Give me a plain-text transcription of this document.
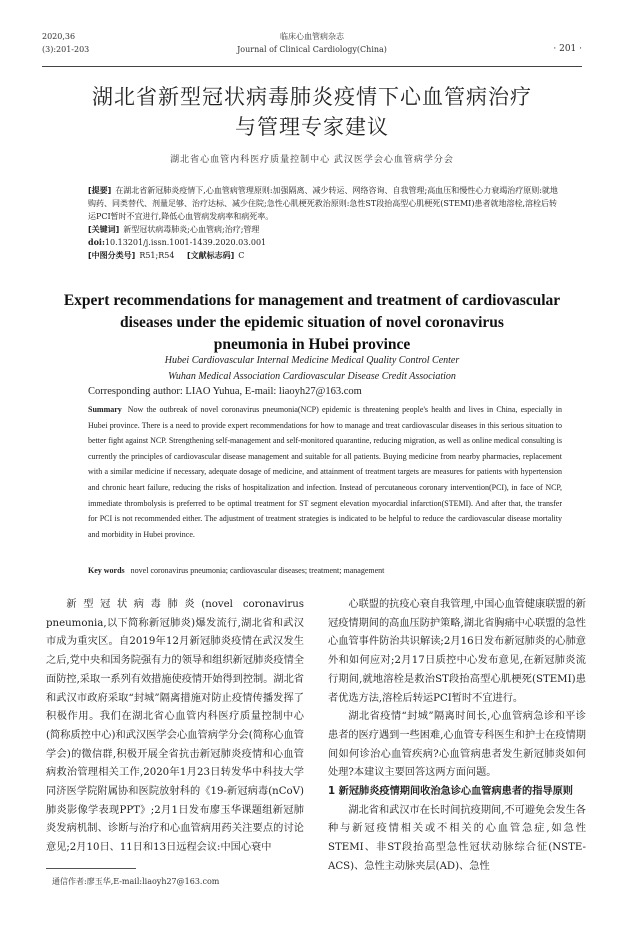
2020,36
(3):201-203
临床心血管病杂志
Journal of Clinical Cardiology(China)	· 201 ·
湖北省新型冠状病毒肺炎疫情下心血管病治疗
与管理专家建议
湖北省心血管内科医疗质量控制中心 武汉医学会心血管病学分会

[提要] 在湖北省新冠肺炎疫情下,心血管病管理原则:加强隔离、减少转运、网络咨询、自我管理;高血压和慢性心力衰竭治疗原则:就地购药、同类替代、剂量足够、治疗达标、减少住院;急性心肌梗死救治原则:急性ST段抬高型心肌梗死(STEMI)患者就地溶栓,溶栓后转运PCI暂时不宜进行,降低心血管病发病率和病死率。

[关键词] 新型冠状病毒肺炎;心血管病;治疗;管理

doi:10.13201/j.issn.1001-1439.2020.03.001

[中图分类号] R51;R54 [文献标志码] C

Expert recommendations for management and treatment of cardiovascular
diseases under the epidemic situation of novel coronavirus
pneumonia in Hubei province
Hubei Cardiovascular Internal Medicine Medical Quality Control Center
Wuhan Medical Association Cardiovascular Disease Credit Association
Corresponding author: LIAO Yuhua, E-mail: liaoyh27@163.com
Summary Now the outbreak of novel coronavirus pneumonia(NCP) epidemic is threatening people's health and lives in China, especially in Hubei province. There is a need to provide expert recommendations for how to manage and treat cardiovascular diseases in this serious situation to better fight against NCP. Strengthening self-management and self-monitored quarantine, reducing migration, as well as online medical consulting is currently the principles of cardiovascular disease management and suitable for all patients. Buying medicine from nearby pharmacies, replacement with a similar medicine if necessary, adequate dosage of medicine, and attainment of treatment targets are measures for patients with hypertension and chronic heart failure, reducing the risks of hospitalization and infection. Instead of percutaneous coronary intervention(PCI), in face of NCP, immediate thrombolysis is preferred to be optimal treatment for ST segment elevation myocardial infarction(STEMI). And after that, the transfer for PCI is not recommended either. The adjustment of treatment strategies is indicated to be helpful to reduce the cardiovascular disease mortality and morbidity in Hubei province.
Key words novel coronavirus pneumonia; cardiovascular diseases; treatment; management

新型冠状病毒肺炎(novel coronavirus pneumonia,以下简称新冠肺炎)爆发流行,湖北省和武汉市成为重灾区。自2019年12月新冠肺炎疫情在武汉发生之后,党中央和国务院强有力的领导和组织新冠肺炎疫情全面防控,采取一系列有效措施使疫情开始得到控制。湖北省和武汉市政府采取“封城”隔离措施对防止疫情传播发挥了积极作用。我们在湖北省心血管内科医疗质量控制中心(简称质控中心)和武汉医学会心血管病学分会(简称心血管学会)的微信群,积极开展全省抗击新冠肺炎疫情和心血管病救治管理相关工作,2020年1月23日转发华中科技大学同济医学院附属协和医院放射科的《19-新冠病毒(nCoV)肺炎影像学表现PPT》;2月1日发布廖玉华课题组新冠肺炎发病机制、诊断与治疗和心血管病用药关注要点的讨论意见;2月10日、11日和13日远程会议:中国心衰中

心联盟的抗疫心衰自我管理,中国心血管健康联盟的新冠疫情期间的高血压防护策略,湖北省胸痛中心联盟的急性心血管事件防治共识解读;2月16日发布新冠肺炎的心肺意外和如何应对;2月17日质控中心发布意见,在新冠肺炎流行期间,就地溶栓是救治ST段抬高型心肌梗死(STEMI)患者优选方法,溶栓后转运PCI暂时不宜进行。

湖北省疫情“封城”隔离时间长,心血管病急诊和平诊患者的医疗遇到一些困难,心血管专科医生和护士在疫情期间如何诊治心血管疾病?心血管病患者发生新冠肺炎如何处理?本建议主要回答这两方面问题。

1 新冠肺炎疫情期间收治急诊心血管病患者的指导原则

湖北省和武汉市在长时间抗疫期间,不可避免会发生各种与新冠疫情相关或不相关的心血管急症,如急性STEMI、非ST段抬高型急性冠状动脉综合征(NSTE-ACS)、急性主动脉夹层(AD)、急性

通信作者:廖玉华,E-mail:liaoyh27@163.com
